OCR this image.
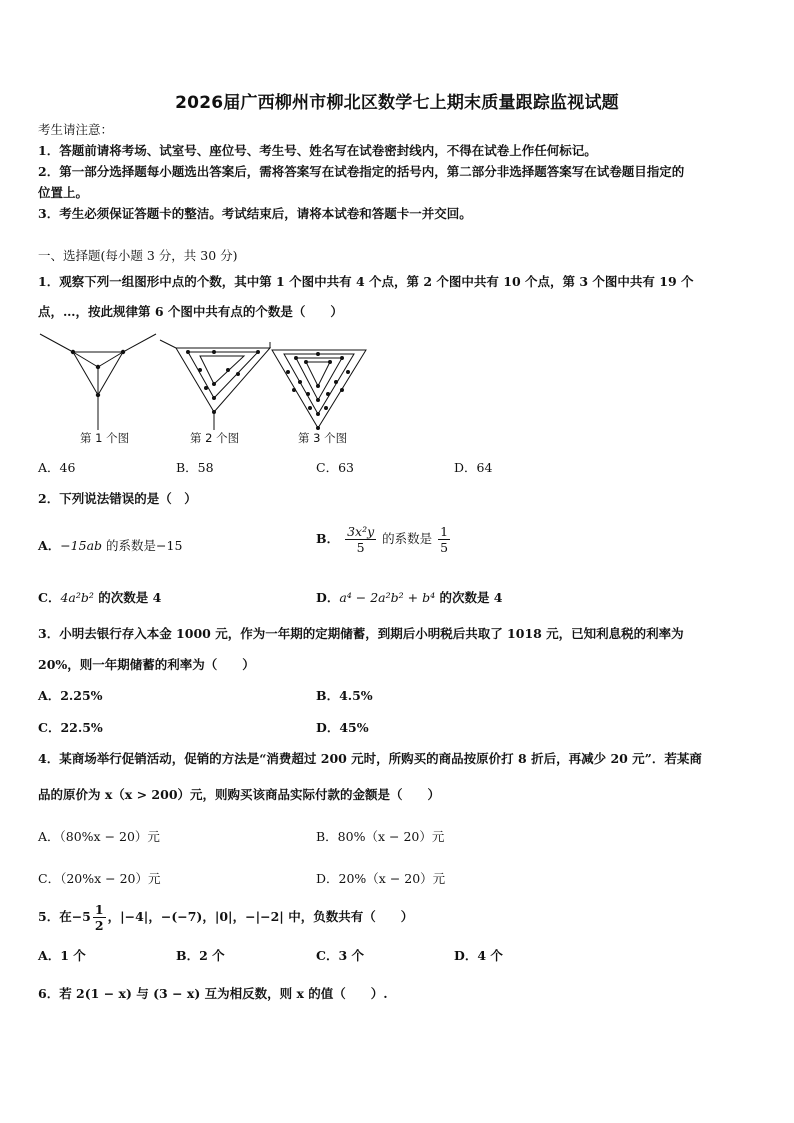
2026届广西柳州市柳北区数学七上期末质量跟踪监视试题
考生请注意：
1．答题前请将考场、试室号、座位号、考生号、姓名写在试卷密封线内，不得在试卷上作任何标记。
2．第一部分选择题每小题选出答案后，需将答案写在试卷指定的括号内，第二部分非选择题答案写在试卷题目指定的
位置上。
3．考生必须保证答题卡的整洁。考试结束后，请将本试卷和答题卡一并交回。
一、选择题(每小题 3 分，共 30 分)
1．观察下列一组图形中点的个数，其中第 1 个图中共有 4 个点，第 2 个图中共有 10 个点，第 3 个图中共有 19 个
点，…，按此规律第 6 个图中共有点的个数是（　　）
第 1 个图	第 2 个图	第 3 个图
A．46	B．58	C．63	D．64
2．下列说法错误的是（　）
A．−15ab 的系数是−15	B． $\frac{\text{3x²y}}{5}$ 的系数是 $\frac{1}{5}$
C．4a²b² 的次数是 4	D．a⁴ − 2a²b² + b⁴ 的次数是 4
3．小明去银行存入本金 1000 元，作为一年期的定期储蓄，到期后小明税后共取了 1018 元，已知利息税的利率为
20%，则一年期储蓄的利率为（　　）
A．2.25%	B．4.5%
C．22.5%	D．45%
4．某商场举行促销活动，促销的方法是“消费超过 200 元时，所购买的商品按原价打 8 折后，再减少 20 元”．若某商
品的原价为 x（x > 200）元，则购买该商品实际付款的金额是（　　）
A．（80%x − 20）元	B．80%（x − 20）元
C．（20%x − 20）元	D．20%（x − 20）元
5．在$-5 \frac{1}{2}$ ，|−4|，−(−7)，|0|，−|−2| 中，负数共有（　　）
A．1 个	B．2 个	C．3 个	D．4 个
6．若 2(1 − x) 与 (3 − x) 互为相反数，则 x 的值（　　）.
